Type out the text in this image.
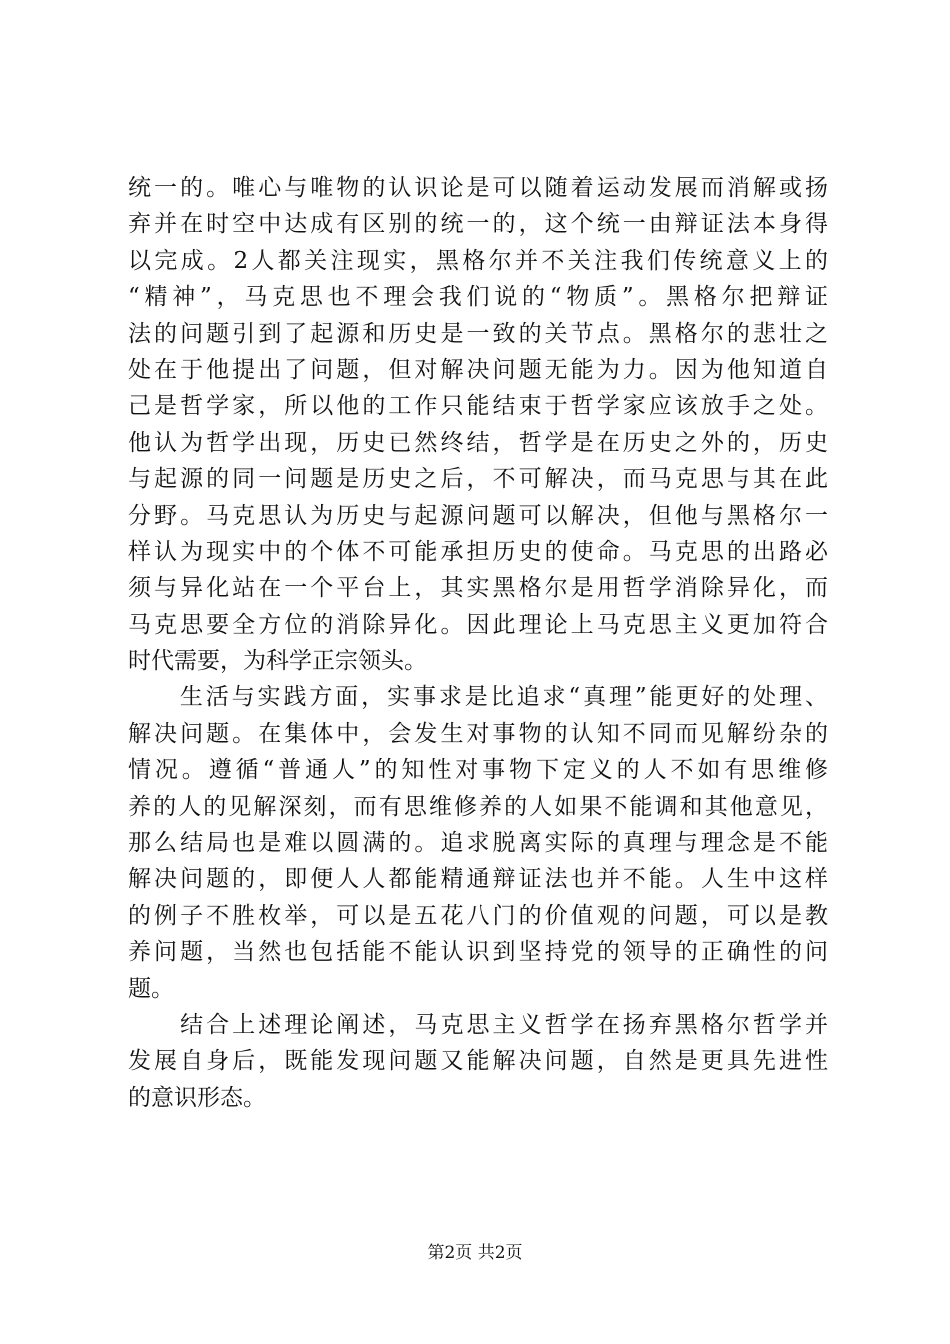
统一的。唯心与唯物的认识论是可以随着运动发展而消解或扬
弃并在时空中达成有区别的统一的，这个统一由辩证法本身得
以完成。2人都关注现实，黑格尔并不关注我们传统意义上的
“精神”，马克思也不理会我们说的“物质”。黑格尔把辩证
法的问题引到了起源和历史是一致的关节点。黑格尔的悲壮之
处在于他提出了问题，但对解决问题无能为力。因为他知道自
己是哲学家，所以他的工作只能结束于哲学家应该放手之处。
他认为哲学出现，历史已然终结，哲学是在历史之外的，历史
与起源的同一问题是历史之后，不可解决，而马克思与其在此
分野。马克思认为历史与起源问题可以解决，但他与黑格尔一
样认为现实中的个体不可能承担历史的使命。马克思的出路必
须与异化站在一个平台上，其实黑格尔是用哲学消除异化，而
马克思要全方位的消除异化。因此理论上马克思主义更加符合
时代需要，为科学正宗领头。
　　生活与实践方面，实事求是比追求“真理”能更好的处理、
解决问题。在集体中，会发生对事物的认知不同而见解纷杂的
情况。遵循“普通人”的知性对事物下定义的人不如有思维修
养的人的见解深刻，而有思维修养的人如果不能调和其他意见，
那么结局也是难以圆满的。追求脱离实际的真理与理念是不能
解决问题的，即便人人都能精通辩证法也并不能。人生中这样
的例子不胜枚举，可以是五花八门的价值观的问题，可以是教
养问题，当然也包括能不能认识到坚持党的领导的正确性的问
题。
　　结合上述理论阐述，马克思主义哲学在扬弃黑格尔哲学并
发展自身后，既能发现问题又能解决问题，自然是更具先进性
的意识形态。
第2页 共2页
